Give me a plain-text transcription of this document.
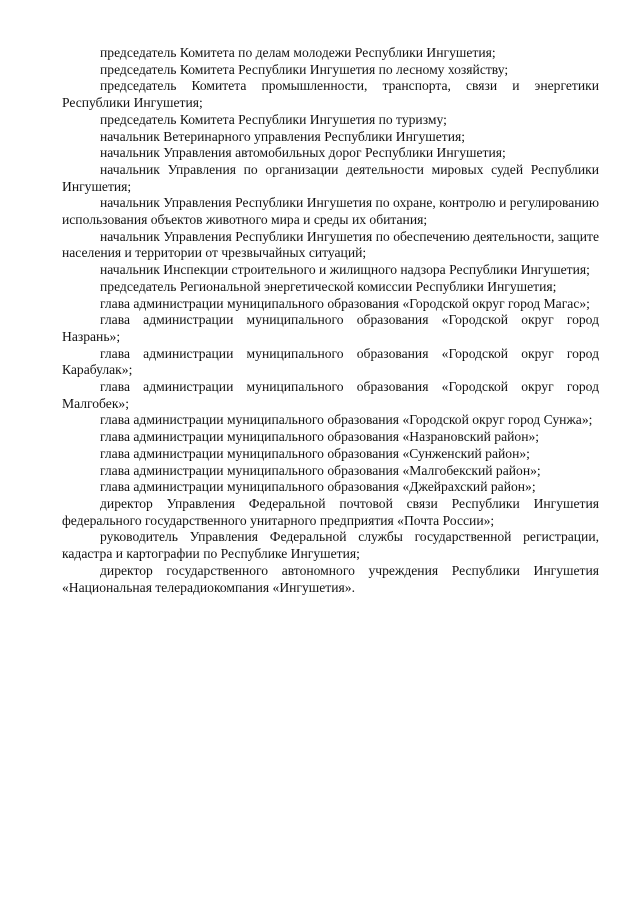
председатель Комитета по делам молодежи Республики Ингушетия;

председатель Комитета Республики Ингушетия по лесному хозяйству;

председатель Комитета промышленности, транспорта, связи и энергетики Республики Ингушетия;

председатель Комитета Республики Ингушетия по туризму;

начальник Ветеринарного управления Республики Ингушетия;

начальник Управления автомобильных дорог Республики Ингушетия;

начальник Управления по организации деятельности мировых судей Республики Ингушетия;

начальник Управления Республики Ингушетия по охране, контролю и регулированию использования объектов животного мира и среды их обитания;

начальник Управления Республики Ингушетия по обеспечению деятельности, защите населения и территории от чрезвычайных ситуаций;

начальник Инспекции строительного и жилищного надзора Республики Ингушетия;

председатель Региональной энергетической комиссии Республики Ингушетия;

глава администрации муниципального образования «Городской округ город Магас»;

глава администрации муниципального образования «Городской округ город Назрань»;

глава администрации муниципального образования «Городской округ город Карабулак»;

глава администрации муниципального образования «Городской округ город Малгобек»;

глава администрации муниципального образования «Городской округ город Сунжа»;

глава администрации муниципального образования «Назрановский район»;

глава администрации муниципального образования «Сунженский район»;

глава администрации муниципального образования «Малгобекский район»;

глава администрации муниципального образования «Джейрахский район»;

директор Управления Федеральной почтовой связи Республики Ингушетия федерального государственного унитарного предприятия «Почта России»;

руководитель Управления Федеральной службы государственной регистрации, кадастра и картографии по Республике Ингушетия;

директор государственного автономного учреждения Республики Ингушетия «Национальная телерадиокомпания «Ингушетия».
